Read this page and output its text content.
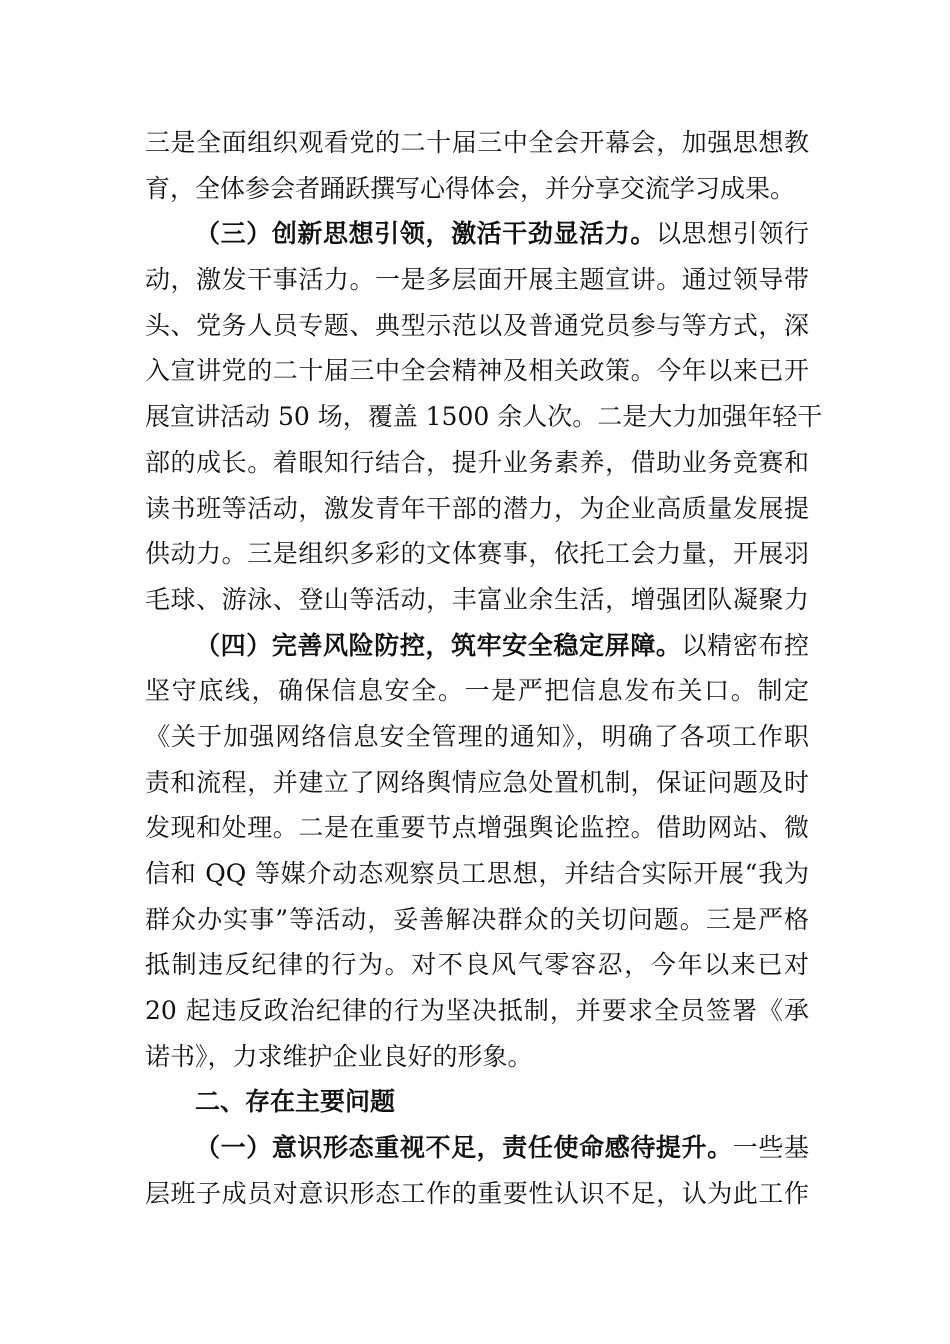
三是全面组织观看党的二十届三中全会开幕会，加强思想教
育，全体参会者踊跃撰写心得体会，并分享交流学习成果。
（三）创新思想引领，激活干劲显活力。以思想引领行
动，激发干事活力。一是多层面开展主题宣讲。通过领导带
头、党务人员专题、典型示范以及普通党员参与等方式，深
入宣讲党的二十届三中全会精神及相关政策。今年以来已开
展宣讲活动 50 场，覆盖 1500 余人次。二是大力加强年轻干
部的成长。着眼知行结合，提升业务素养，借助业务竞赛和
读书班等活动，激发青年干部的潜力，为企业高质量发展提
供动力。三是组织多彩的文体赛事，依托工会力量，开展羽
毛球、游泳、登山等活动，丰富业余生活，增强团队凝聚力
（四）完善风险防控，筑牢安全稳定屏障。以精密布控
坚守底线，确保信息安全。一是严把信息发布关口。制定
《关于加强网络信息安全管理的通知》，明确了各项工作职
责和流程，并建立了网络舆情应急处置机制，保证问题及时
发现和处理。二是在重要节点增强舆论监控。借助网站、微
信和 QQ 等媒介动态观察员工思想，并结合实际开展“我为
群众办实事”等活动，妥善解决群众的关切问题。三是严格
抵制违反纪律的行为。对不良风气零容忍，今年以来已对
20 起违反政治纪律的行为坚决抵制，并要求全员签署《承
诺书》，力求维护企业良好的形象。
二、存在主要问题
（一）意识形态重视不足，责任使命感待提升。一些基
层班子成员对意识形态工作的重要性认识不足，认为此工作
